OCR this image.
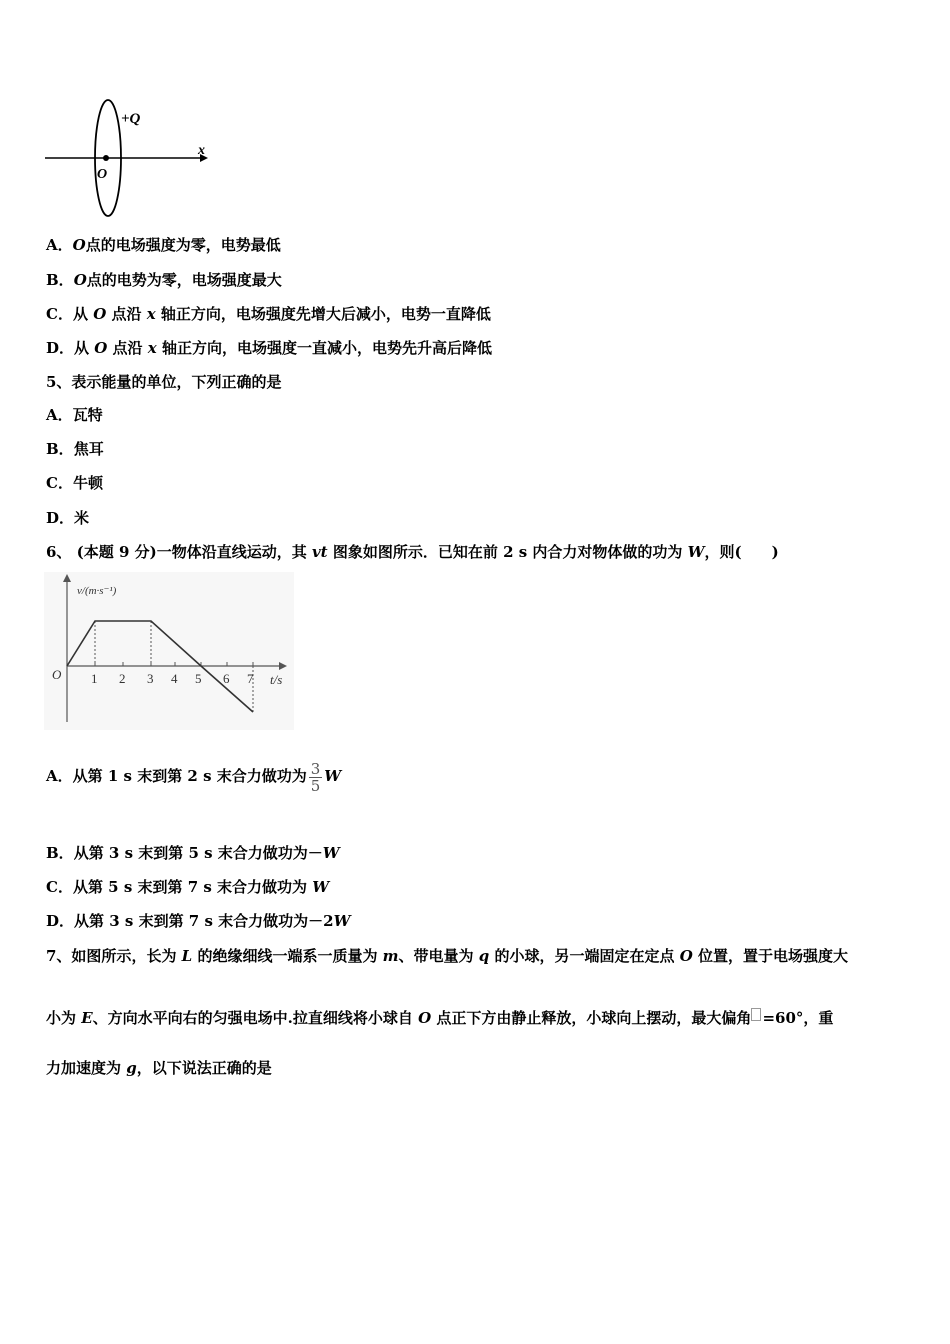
+Q
O
x
A．O点的电场强度为零，电势最低
B．O点的电势为零，电场强度最大
C．从 O 点沿 x 轴正方向，电场强度先增大后减小，电势一直降低
D．从 O 点沿 x 轴正方向，电场强度一直减小，电势先升高后降低
5、表示能量的单位，下列正确的是
A．瓦特
B．焦耳
C．牛顿
D．米
6、 (本题 9 分)一物体沿直线运动，其 vt 图象如图所示．已知在前 2 s 内合力对物体做的功为 W，则(　　)
v/(m·s⁻¹)
O 1 2 3 4 5 6 7 t/s
A．从第 1 s 末到第 2 s 末合力做功为 $\frac{3}{5}$ W
B．从第 3 s 末到第 5 s 末合力做功为－W
C．从第 5 s 末到第 7 s 末合力做功为 W
D．从第 3 s 末到第 7 s 末合力做功为－2W
7、如图所示，长为 L 的绝缘细线一端系一质量为 m、带电量为 q 的小球，另一端固定在定点 O 位置，置于电场强度大
小为 E、方向水平向右的匀强电场中.拉直细线将小球自 O 点正下方由静止释放，小球向上摆动，最大偏角 =60°，重
力加速度为 g，以下说法正确的是
